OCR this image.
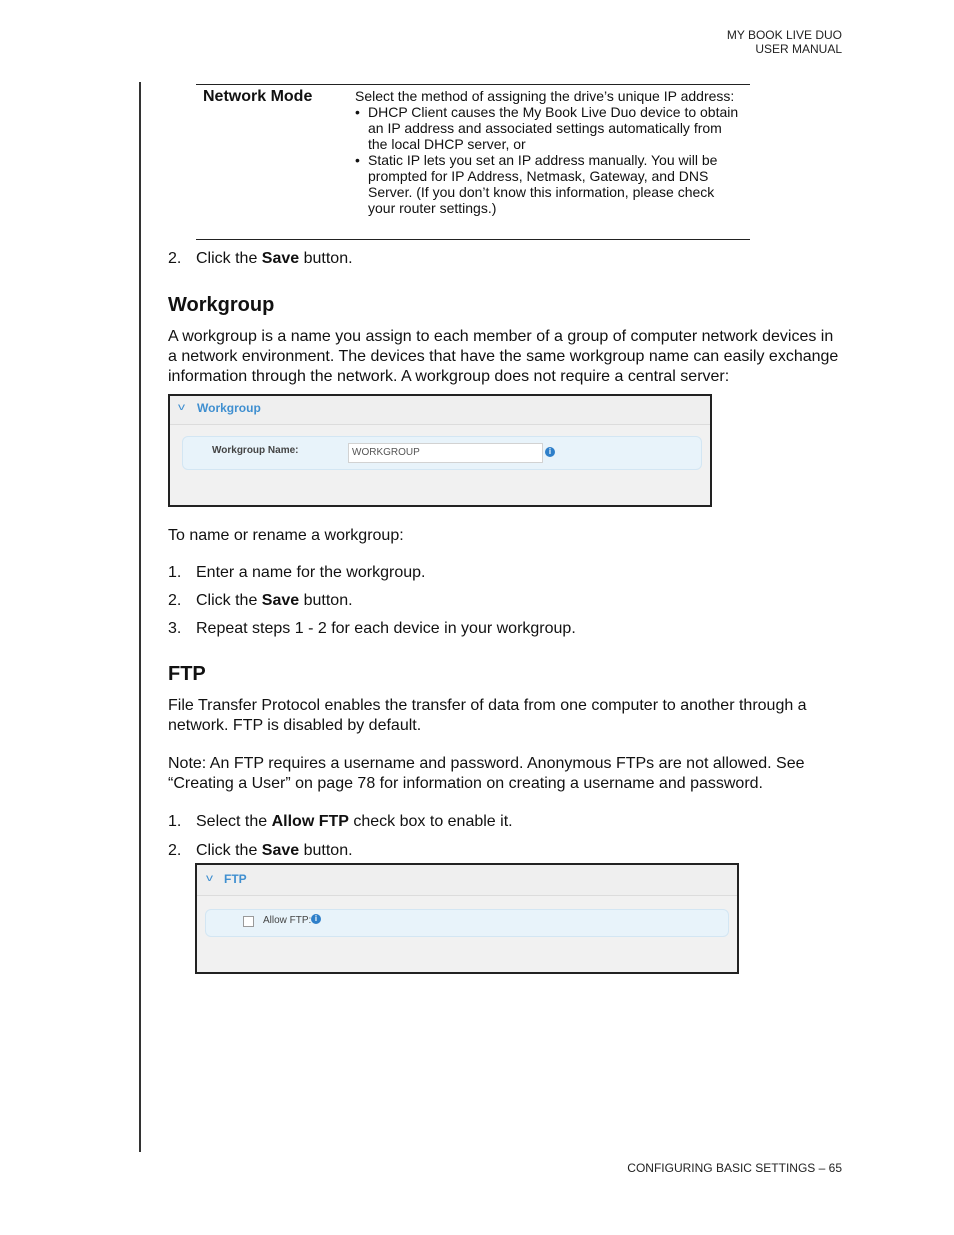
MY BOOK LIVE DUO
USER MANUAL
Network Mode	Select the method of assigning the drive’s unique IP address:
• DHCP Client causes the My Book Live Duo device to obtain an IP address and associated settings automatically from the local DHCP server, or
• Static IP lets you set an IP address manually. You will be prompted for IP Address, Netmask, Gateway, and DNS Server. (If you don’t know this information, please check your router settings.)
2. Click the Save button.
Workgroup
A workgroup is a name you assign to each member of a group of computer network devices in a network environment. The devices that have the same workgroup name can easily exchange information through the network. A workgroup does not require a central server:
v Workgroup
Workgroup Name:	WORKGROUP	i
To name or rename a workgroup:
1. Enter a name for the workgroup.
2. Click the Save button.
3. Repeat steps 1 - 2 for each device in your workgroup.
FTP
File Transfer Protocol enables the transfer of data from one computer to another through a network. FTP is disabled by default.
Note: An FTP requires a username and password. Anonymous FTPs are not allowed. See “Creating a User” on page 78 for information on creating a username and password.
1. Select the Allow FTP check box to enable it.
2. Click the Save button.
v FTP
Allow FTP: i
CONFIGURING BASIC SETTINGS – 65
